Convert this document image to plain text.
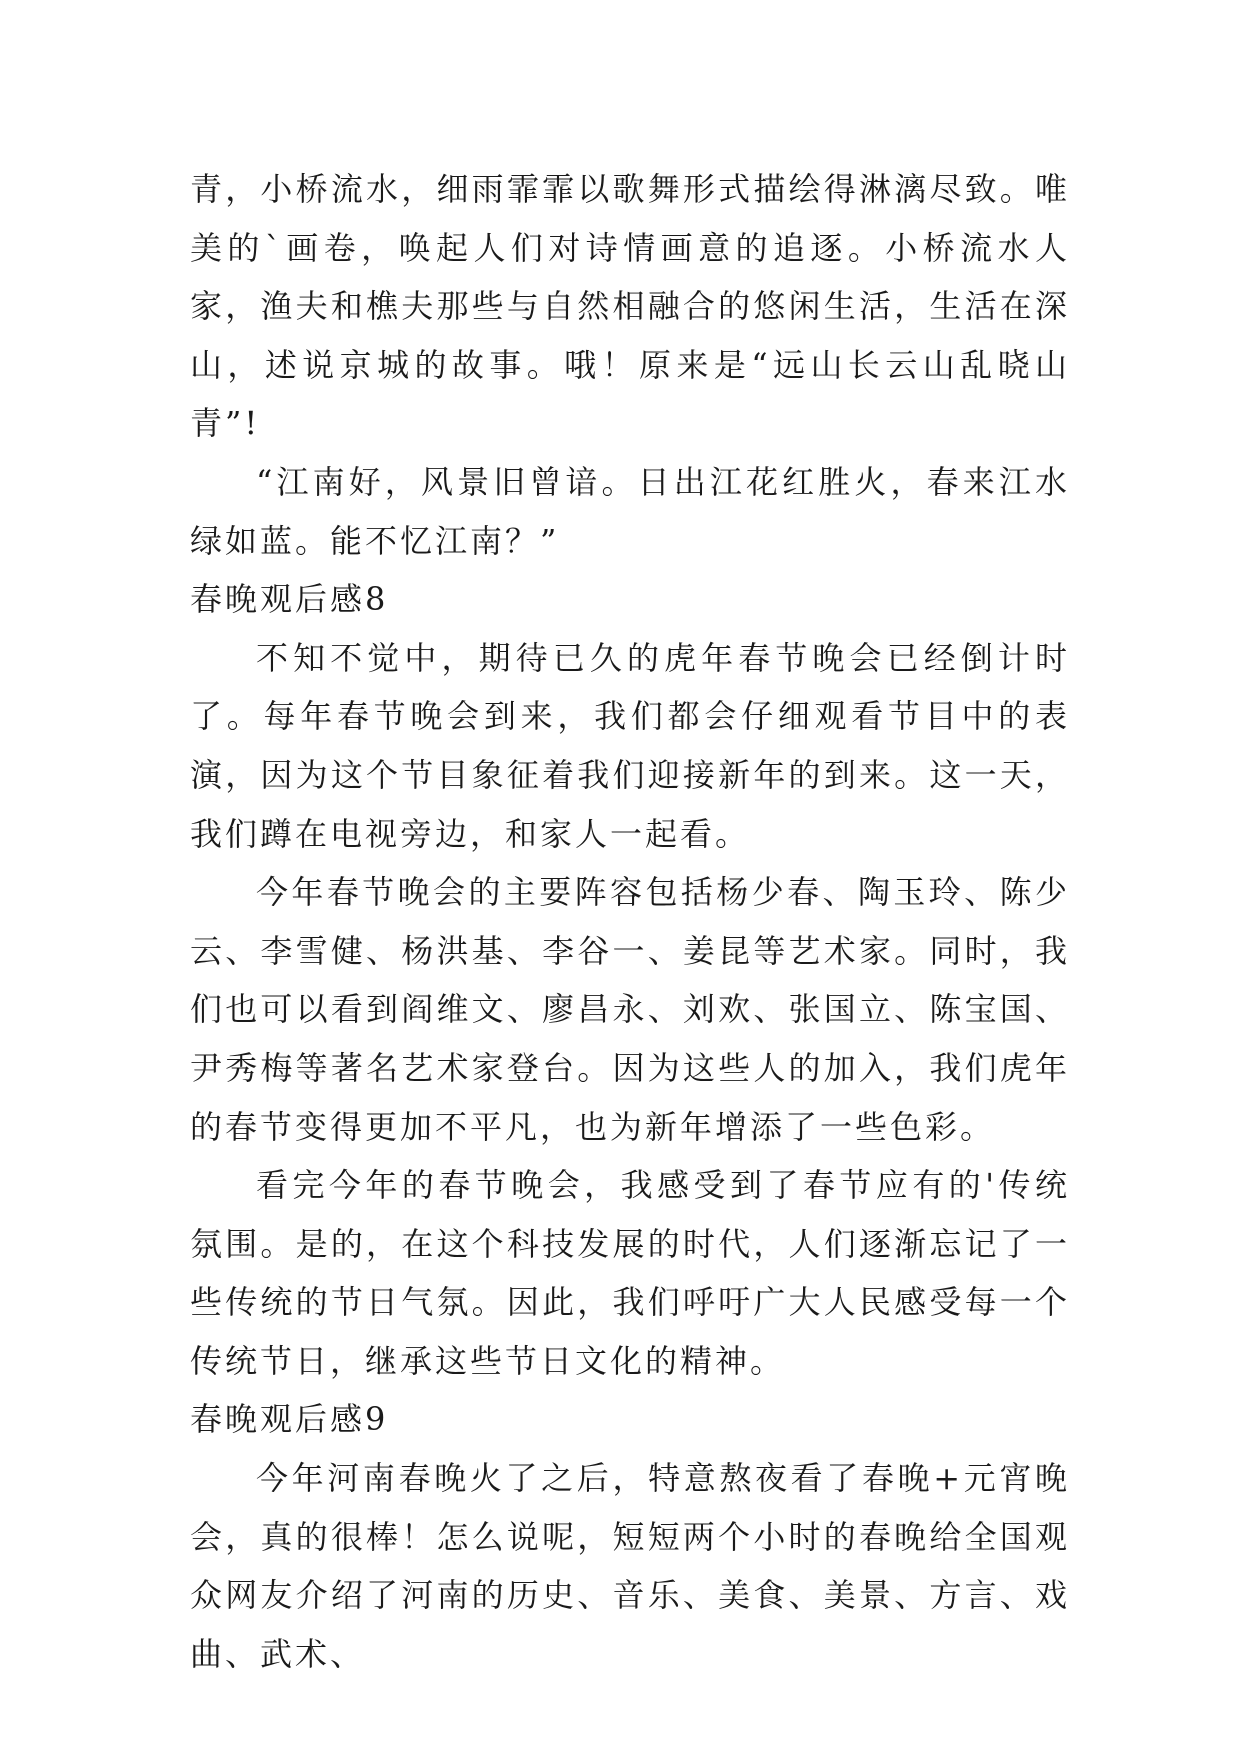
青，小桥流水，细雨霏霏以歌舞形式描绘得淋漓尽致。唯美的`画卷，唤起人们对诗情画意的追逐。小桥流水人家，渔夫和樵夫那些与自然相融合的悠闲生活，生活在深山，述说京城的故事。哦！原来是“远山长云山乱晓山青”!

“江南好，风景旧曾谙。日出江花红胜火，春来江水绿如蓝。能不忆江南？”

春晚观后感8

不知不觉中，期待已久的虎年春节晚会已经倒计时了。每年春节晚会到来，我们都会仔细观看节目中的表演，因为这个节目象征着我们迎接新年的到来。这一天，我们蹲在电视旁边，和家人一起看。

今年春节晚会的主要阵容包括杨少春、陶玉玲、陈少云、李雪健、杨洪基、李谷一、姜昆等艺术家。同时，我们也可以看到阎维文、廖昌永、刘欢、张国立、陈宝国、尹秀梅等著名艺术家登台。因为这些人的加入，我们虎年的春节变得更加不平凡，也为新年增添了一些色彩。

看完今年的春节晚会，我感受到了春节应有的'传统氛围。是的，在这个科技发展的时代，人们逐渐忘记了一些传统的节日气氛。因此，我们呼吁广大人民感受每一个传统节日，继承这些节日文化的精神。

春晚观后感9

今年河南春晚火了之后，特意熬夜看了春晚+元宵晚会，真的很棒！怎么说呢，短短两个小时的春晚给全国观众网友介绍了河南的历史、音乐、美食、美景、方言、戏曲、武术、
